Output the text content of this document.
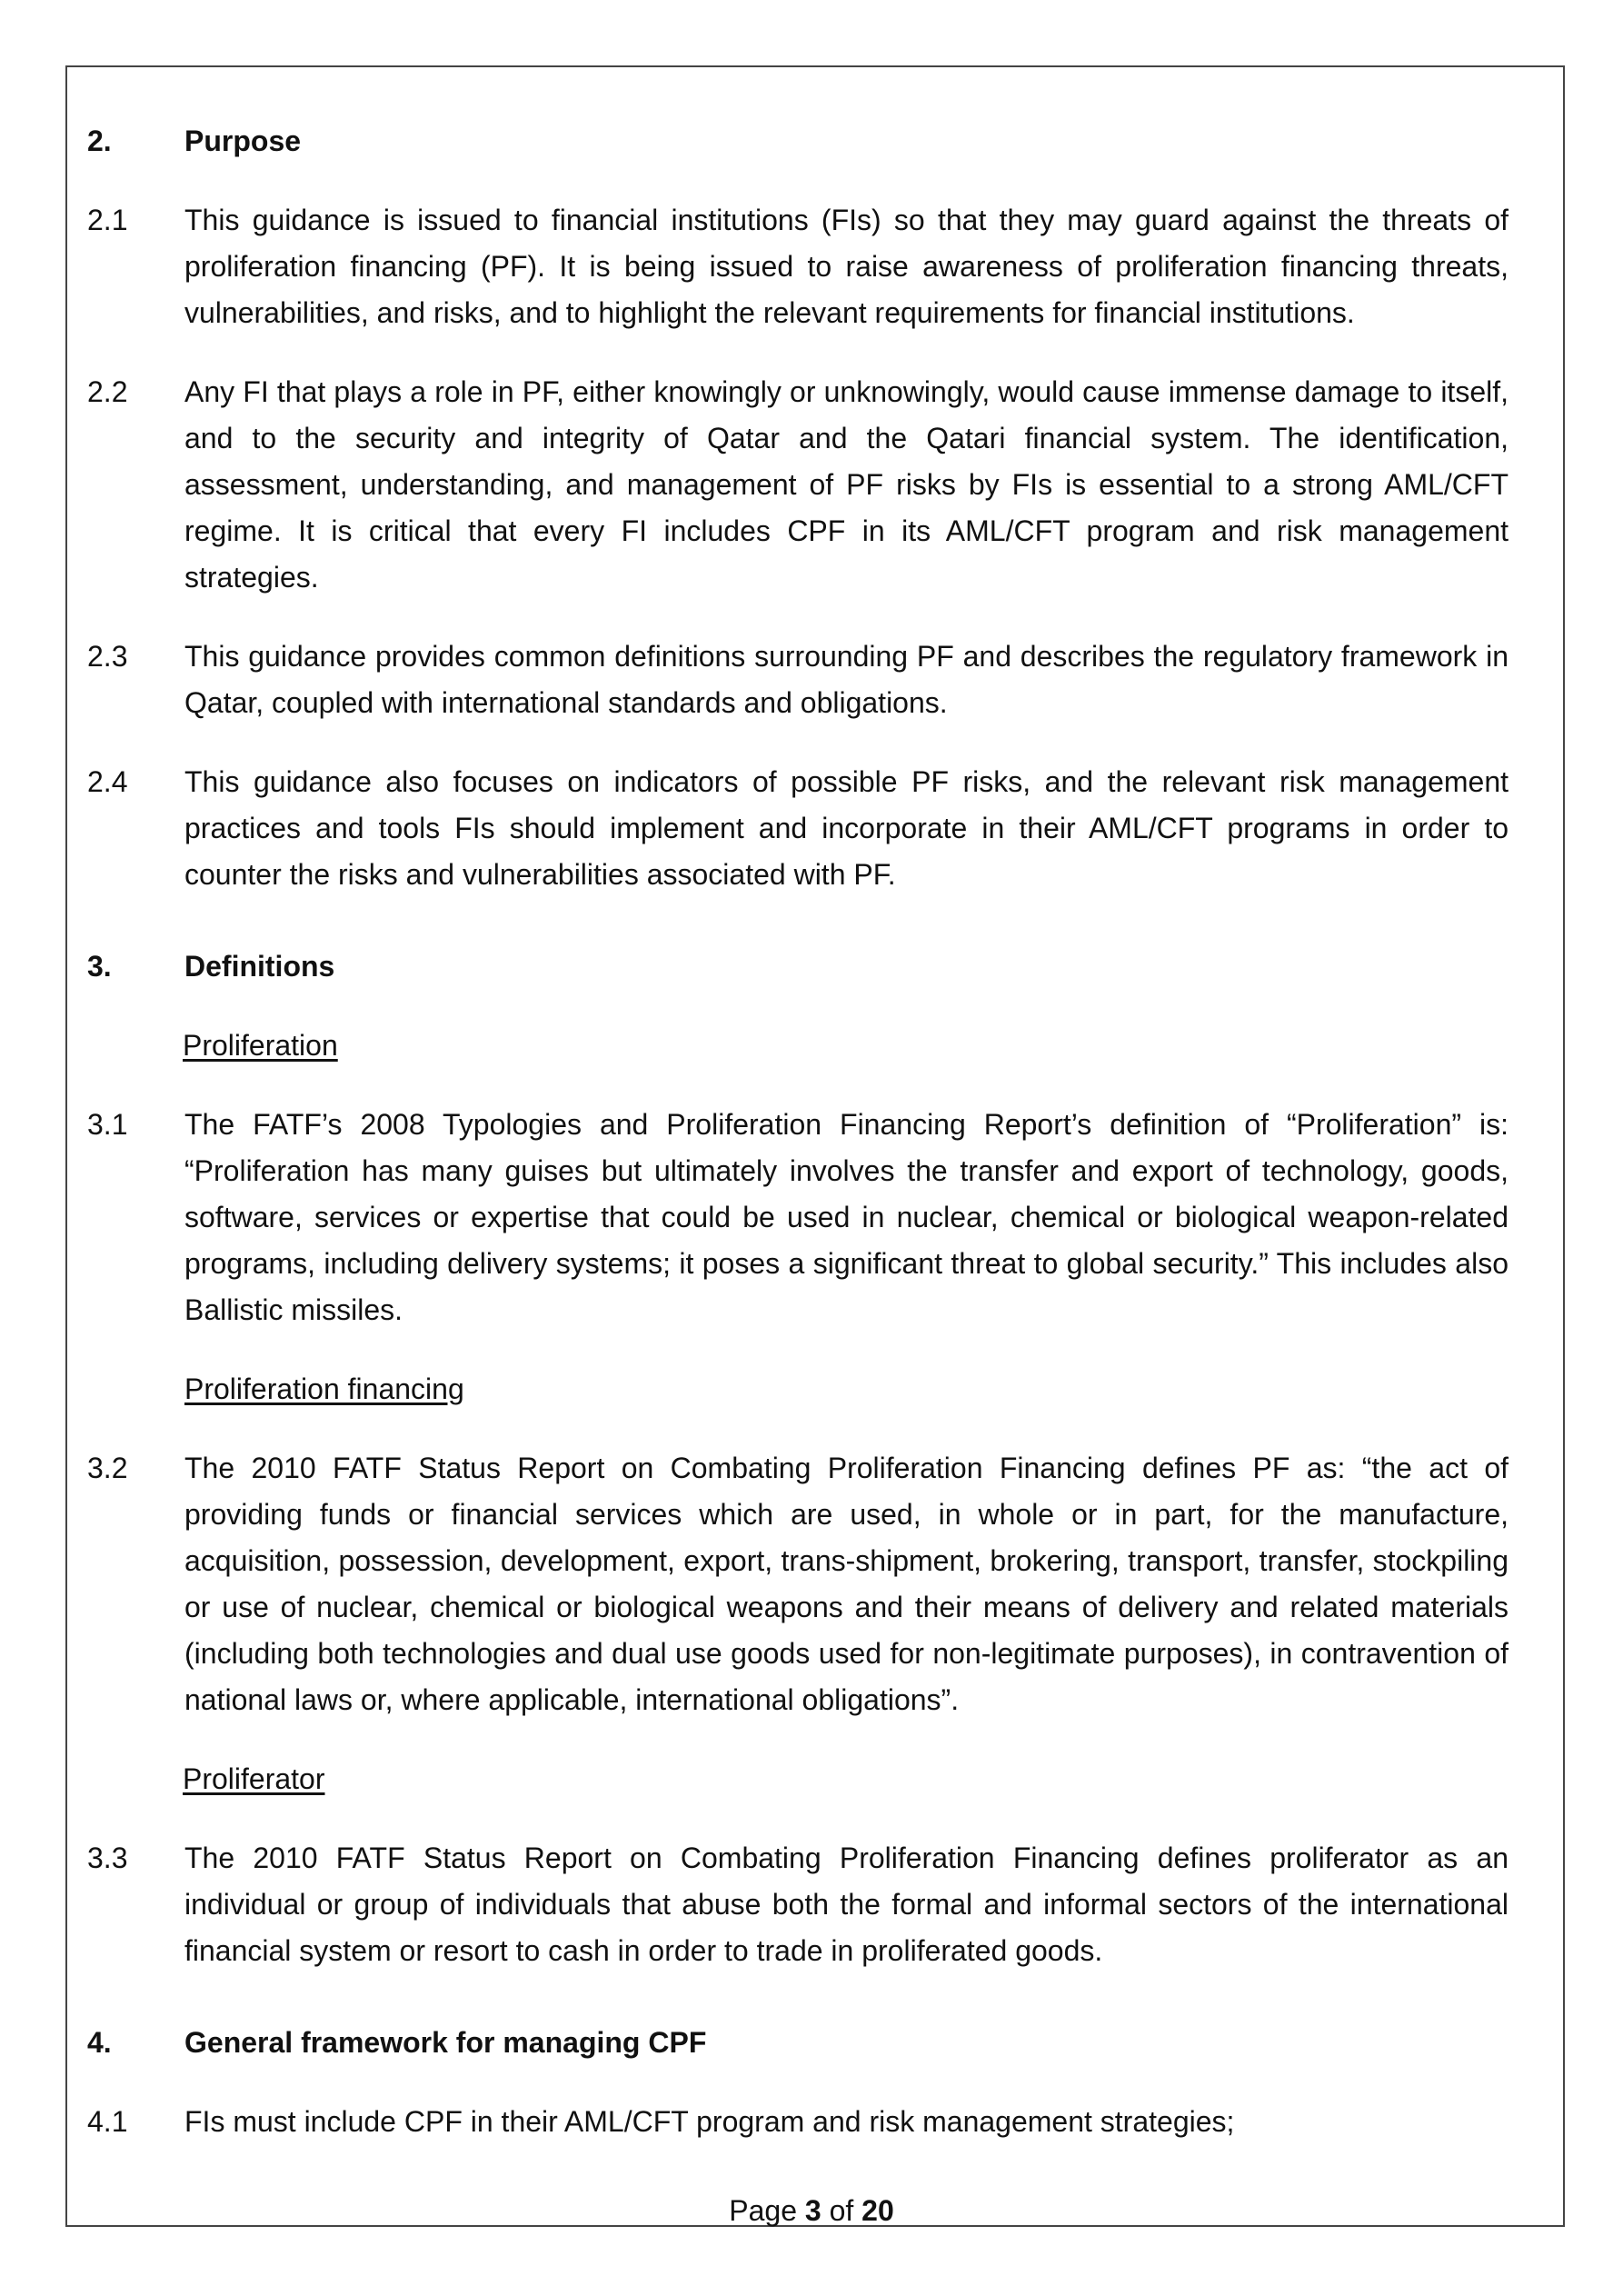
2.	Purpose
2.1	This guidance is issued to financial institutions (FIs) so that they may guard against the threats of proliferation financing (PF). It is being issued to raise awareness of proliferation financing threats, vulnerabilities, and risks, and to highlight the relevant requirements for financial institutions.
2.2	Any FI that plays a role in PF, either knowingly or unknowingly, would cause immense damage to itself, and to the security and integrity of Qatar and the Qatari financial system. The identification, assessment, understanding, and management of PF risks by FIs is essential to a strong AML/CFT regime. It is critical that every FI includes CPF in its AML/CFT program and risk management strategies.
2.3	This guidance provides common definitions surrounding PF and describes the regulatory framework in Qatar, coupled with international standards and obligations.
2.4	This guidance also focuses on indicators of possible PF risks, and the relevant risk management practices and tools FIs should implement and incorporate in their AML/CFT programs in order to counter the risks and vulnerabilities associated with PF.
3.	Definitions
Proliferation
3.1	The FATF’s 2008 Typologies and Proliferation Financing Report’s definition of “Proliferation” is: “Proliferation has many guises but ultimately involves the transfer and export of technology, goods, software, services or expertise that could be used in nuclear, chemical or biological weapon-related programs, including delivery systems; it poses a significant threat to global security.” This includes also Ballistic missiles.
Proliferation financing
3.2	The 2010 FATF Status Report on Combating Proliferation Financing defines PF as: “the act of providing funds or financial services which are used, in whole or in part, for the manufacture, acquisition, possession, development, export, trans-shipment, brokering, transport, transfer, stockpiling or use of nuclear, chemical or biological weapons and their means of delivery and related materials (including both technologies and dual use goods used for non-legitimate purposes), in contravention of national laws or, where applicable, international obligations”.
Proliferator
3.3	The 2010 FATF Status Report on Combating Proliferation Financing defines proliferator as an individual or group of individuals that abuse both the formal and informal sectors of the international financial system or resort to cash in order to trade in proliferated goods.
4.	General framework for managing CPF
4.1	FIs must include CPF in their AML/CFT program and risk management strategies;
Page 3 of 20
